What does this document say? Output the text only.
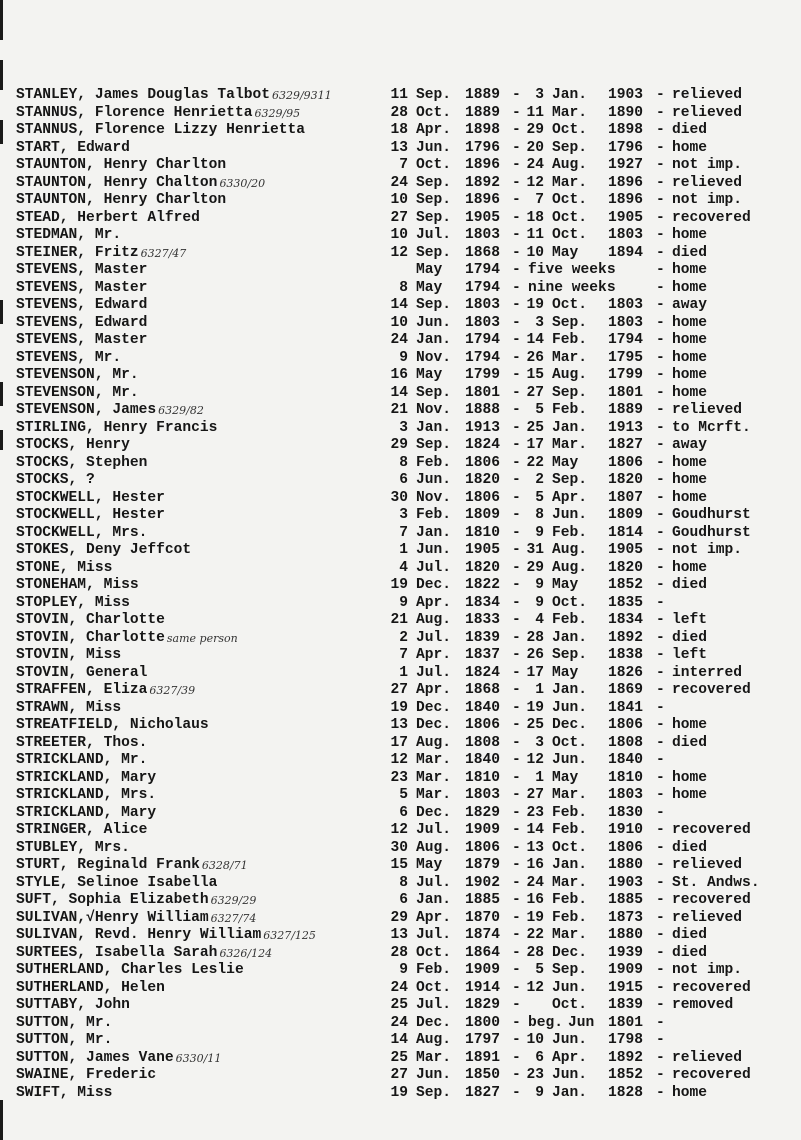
STANLEY, James Douglas Talbot 6329/9311	11 Sep. 1889 - 3 Jan. 1903 - relieved
STANNUS, Florence Henrietta 6329/95	28 Oct. 1889 - 11 Mar. 1890 - relieved
STANNUS, Florence Lizzy Henrietta	18 Apr. 1898 - 29 Oct. 1898 - died
START, Edward	13 Jun. 1796 - 20 Sep. 1796 - home
STAUNTON, Henry Charlton	7 Oct. 1896 - 24 Aug. 1927 - not imp.
STAUNTON, Henry Chalton 6330/20	24 Sep. 1892 - 12 Mar. 1896 - relieved
STAUNTON, Henry Charlton	10 Sep. 1896 - 7 Oct. 1896 - not imp.
STEAD, Herbert Alfred	27 Sep. 1905 - 18 Oct. 1905 - recovered
STEDMAN, Mr.	10 Jul. 1803 - 11 Oct. 1803 - home
STEINER, Fritz 6327/47	12 Sep. 1868 - 10 May 1894 - died
STEVENS, Master	May 1794 - five weeks	- home
STEVENS, Master	8 May 1794 - nine weeks	- home
STEVENS, Edward	14 Sep. 1803 - 19 Oct. 1803 - away
STEVENS, Edward	10 Jun. 1803 - 3 Sep. 1803 - home
STEVENS, Master	24 Jan. 1794 - 14 Feb. 1794 - home
STEVENS, Mr.	9 Nov. 1794 - 26 Mar. 1795 - home
STEVENSON, Mr.	16 May 1799 - 15 Aug. 1799 - home
STEVENSON, Mr.	14 Sep. 1801 - 27 Sep. 1801 - home
STEVENSON, James 6329/82	21 Nov. 1888 - 5 Feb. 1889 - relieved
STIRLING, Henry Francis	3 Jan. 1913 - 25 Jan. 1913 - to Mcrft.
STOCKS, Henry	29 Sep. 1824 - 17 Mar. 1827 - away
STOCKS, Stephen	8 Feb. 1806 - 22 May 1806 - home
STOCKS, ?	6 Jun. 1820 - 2 Sep. 1820 - home
STOCKWELL, Hester	30 Nov. 1806 - 5 Apr. 1807 - home
STOCKWELL, Hester	3 Feb. 1809 - 8 Jun. 1809 - Goudhurst
STOCKWELL, Mrs.	7 Jan. 1810 - 9 Feb. 1814 - Goudhurst
STOKES, Deny Jeffcot	1 Jun. 1905 - 31 Aug. 1905 - not imp.
STONE, Miss	4 Jul. 1820 - 29 Aug. 1820 - home
STONEHAM, Miss	19 Dec. 1822 - 9 May 1852 - died
STOPLEY, Miss	9 Apr. 1834 - 9 Oct. 1835 -
STOVIN, Charlotte	21 Aug. 1833 - 4 Feb. 1834 - left
STOVIN, Charlotte same person	2 Jul. 1839 - 28 Jan. 1892 - died
STOVIN, Miss	7 Apr. 1837 - 26 Sep. 1838 - left
STOVIN, General	1 Jul. 1824 - 17 May 1826 - interred
STRAFFEN, Eliza 6327/39	27 Apr. 1868 - 1 Jan. 1869 - recovered
STRAWN, Miss	19 Dec. 1840 - 19 Jun. 1841 -
STREATFIELD, Nicholaus	13 Dec. 1806 - 25 Dec. 1806 - home
STREETER, Thos.	17 Aug. 1808 - 3 Oct. 1808 - died
STRICKLAND, Mr.	12 Mar. 1840 - 12 Jun. 1840 -
STRICKLAND, Mary	23 Mar. 1810 - 1 May 1810 - home
STRICKLAND, Mrs.	5 Mar. 1803 - 27 Mar. 1803 - home
STRICKLAND, Mary	6 Dec. 1829 - 23 Feb. 1830 -
STRINGER, Alice	12 Jul. 1909 - 14 Feb. 1910 - recovered
STUBLEY, Mrs.	30 Aug. 1806 - 13 Oct. 1806 - died
STURT, Reginald Frank 6328/71	15 May 1879 - 16 Jan. 1880 - relieved
STYLE, Selinoe Isabella	8 Jul. 1902 - 24 Mar. 1903 - St. Andws.
SUFT, Sophia Elizabeth 6329/29	6 Jan. 1885 - 16 Feb. 1885 - recovered
SULIVAN,√Henry William 6327/74	29 Apr. 1870 - 19 Feb. 1873 - relieved
SULIVAN, Revd. Henry William 6327/125	13 Jul. 1874 - 22 Mar. 1880 - died
SURTEES, Isabella Sarah 6326/124	28 Oct. 1864 - 28 Dec. 1939 - died
SUTHERLAND, Charles Leslie	9 Feb. 1909 - 5 Sep. 1909 - not imp.
SUTHERLAND, Helen	24 Oct. 1914 - 12 Jun. 1915 - recovered
SUTTABY, John	25 Jul. 1829 - Oct. 1839 - removed
SUTTON, Mr.	24 Dec. 1800 - beg. Jun 1801 -
SUTTON, Mr.	14 Aug. 1797 - 10 Jun. 1798 -
SUTTON, James Vane 6330/11	25 Mar. 1891 - 6 Apr. 1892 - relieved
SWAINE, Frederic	27 Jun. 1850 - 23 Jun. 1852 - recovered
SWIFT, Miss	19 Sep. 1827 - 9 Jan. 1828 - home
